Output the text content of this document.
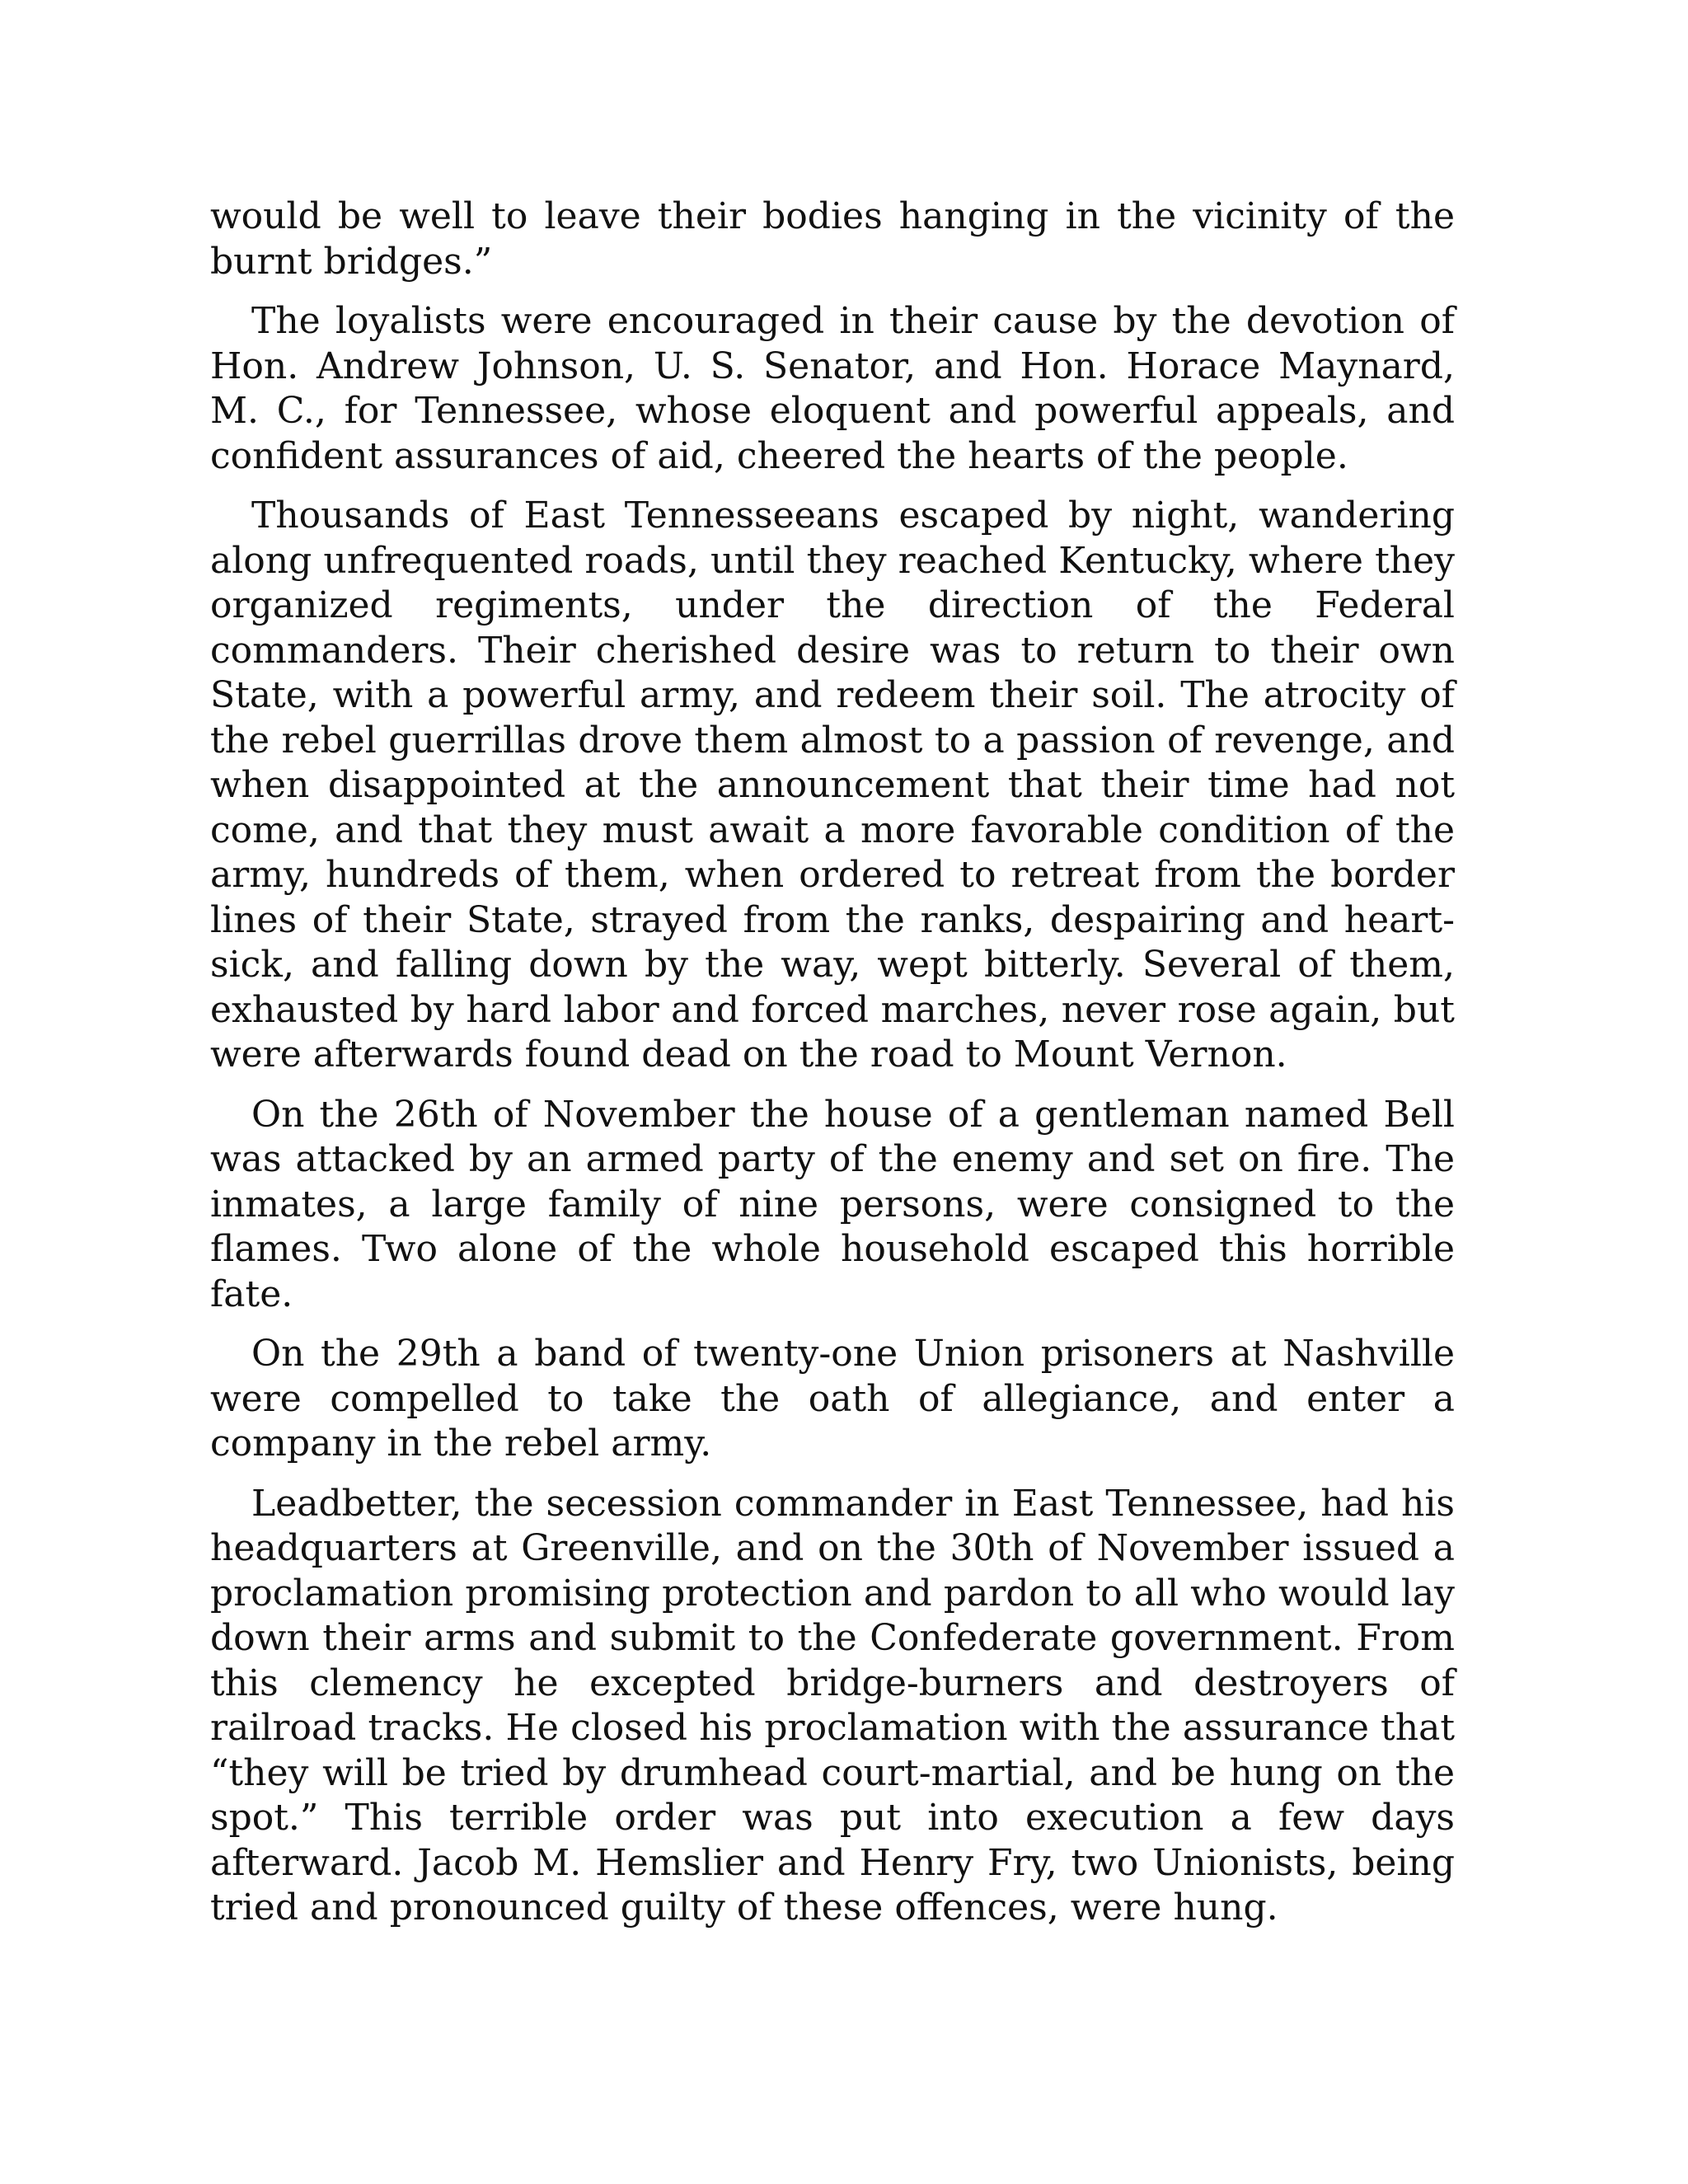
would be well to leave their bodies hanging in the vicinity of the burnt bridges.”

The loyalists were encouraged in their cause by the devotion of Hon. Andrew Johnson, U. S. Senator, and Hon. Horace Maynard, M. C., for Tennessee, whose eloquent and powerful appeals, and confident assurances of aid, cheered the hearts of the people.

Thousands of East Tennesseeans escaped by night, wandering along unfrequented roads, until they reached Kentucky, where they organized regiments, under the direction of the Federal commanders. Their cherished desire was to return to their own State, with a powerful army, and redeem their soil. The atrocity of the rebel guerrillas drove them almost to a passion of revenge, and when disappointed at the announcement that their time had not come, and that they must await a more favorable condition of the army, hundreds of them, when ordered to retreat from the border lines of their State, strayed from the ranks, despairing and heart-sick, and falling down by the way, wept bitterly. Several of them, exhausted by hard labor and forced marches, never rose again, but were afterwards found dead on the road to Mount Vernon.

On the 26th of November the house of a gentleman named Bell was attacked by an armed party of the enemy and set on fire. The inmates, a large family of nine persons, were consigned to the flames. Two alone of the whole household escaped this horrible fate.

On the 29th a band of twenty-one Union prisoners at Nashville were compelled to take the oath of allegiance, and enter a company in the rebel army.

Leadbetter, the secession commander in East Tennessee, had his headquarters at Greenville, and on the 30th of November issued a proclamation promising protection and pardon to all who would lay down their arms and submit to the Confederate government. From this clemency he excepted bridge-burners and destroyers of railroad tracks. He closed his proclamation with the assurance that “they will be tried by drumhead court-martial, and be hung on the spot.” This terrible order was put into execution a few days afterward. Jacob M. Hemslier and Henry Fry, two Unionists, being tried and pronounced guilty of these offences, were hung.
